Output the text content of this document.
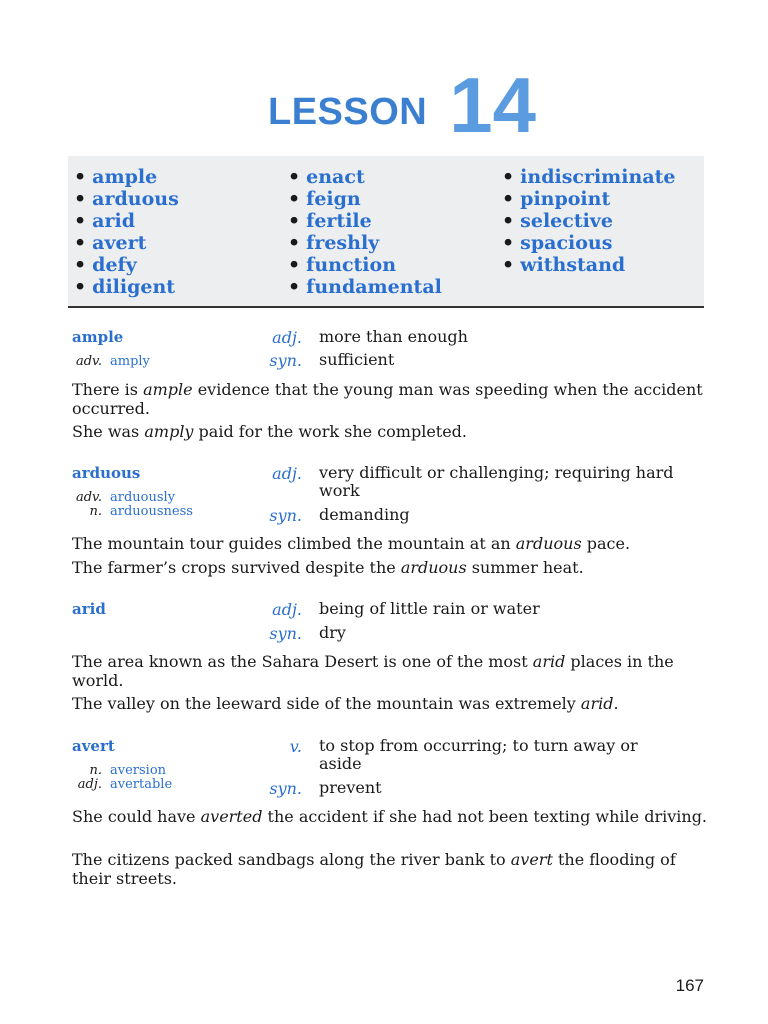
LESSON 14
• ample
• arduous
• arid
• avert
• defy
• diligent
• enact
• feign
• fertile
• freshly
• function
• fundamental
• indiscriminate
• pinpoint
• selective
• spacious
• withstand
ample
adv. amply
adj. more than enough
syn. sufficient

There is ample evidence that the young man was speeding when the accident occurred.

She was amply paid for the work she completed.

arduous
adv. arduously
n. arduousness
adj. very difficult or challenging; requiring hard work
syn. demanding

The mountain tour guides climbed the mountain at an arduous pace.

The farmer’s crops survived despite the arduous summer heat.

arid	adj. being of little rain or water
syn. dry

The area known as the Sahara Desert is one of the most arid places in the world.

The valley on the leeward side of the mountain was extremely arid.

avert
n. aversion
adj. avertable
v. to stop from occurring; to turn away or aside
syn. prevent

She could have averted the accident if she had not been texting while driving.

The citizens packed sandbags along the river bank to avert the flooding of their streets.

167
